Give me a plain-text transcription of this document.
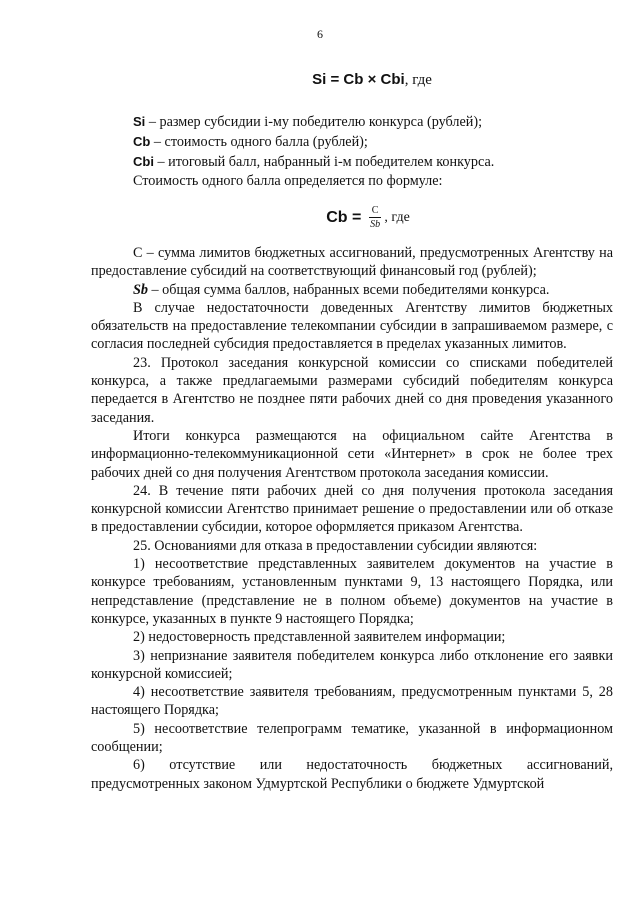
6
Si = Cb × Cbi, где

Si – размер субсидии i-му победителю конкурса (рублей);

Cb – стоимость одного балла (рублей);

Cbi – итоговый балл, набранный i-м победителем конкурса.

Стоимость одного балла определяется по формуле:

$Cb = \frac{C}{Sb}$ , где

С – сумма лимитов бюджетных ассигнований, предусмотренных Агентству на предоставление субсидий на соответствующий финансовый год (рублей);

Sb – общая сумма баллов, набранных всеми победителями конкурса.

В случае недостаточности доведенных Агентству лимитов бюджетных обязательств на предоставление телекомпании субсидии в запрашиваемом размере, с согласия последней субсидия предоставляется в пределах указанных лимитов.

23. Протокол заседания конкурсной комиссии со списками победителей конкурса, а также предлагаемыми размерами субсидий победителям конкурса передается в Агентство не позднее пяти рабочих дней со дня проведения указанного заседания.

Итоги конкурса размещаются на официальном сайте Агентства в информационно-телекоммуникационной сети «Интернет» в срок не более трех рабочих дней со дня получения Агентством протокола заседания комиссии.

24. В течение пяти рабочих дней со дня получения протокола заседания конкурсной комиссии Агентство принимает решение о предоставлении или об отказе в предоставлении субсидии, которое оформляется приказом Агентства.

25. Основаниями для отказа в предоставлении субсидии являются:

1) несоответствие представленных заявителем документов на участие в конкурсе требованиям, установленным пунктами 9, 13 настоящего Порядка, или непредставление (представление не в полном объеме) документов на участие в конкурсе, указанных в пункте 9 настоящего Порядка;

2) недостоверность представленной заявителем информации;

3) непризнание заявителя победителем конкурса либо отклонение его заявки конкурсной комиссией;

4) несоответствие заявителя требованиям, предусмотренным пунктами 5, 28 настоящего Порядка;

5) несоответствие телепрограмм тематике, указанной в информационном сообщении;

6) отсутствие или недостаточность бюджетных ассигнований, предусмотренных законом Удмуртской Республики о бюджете Удмуртской
